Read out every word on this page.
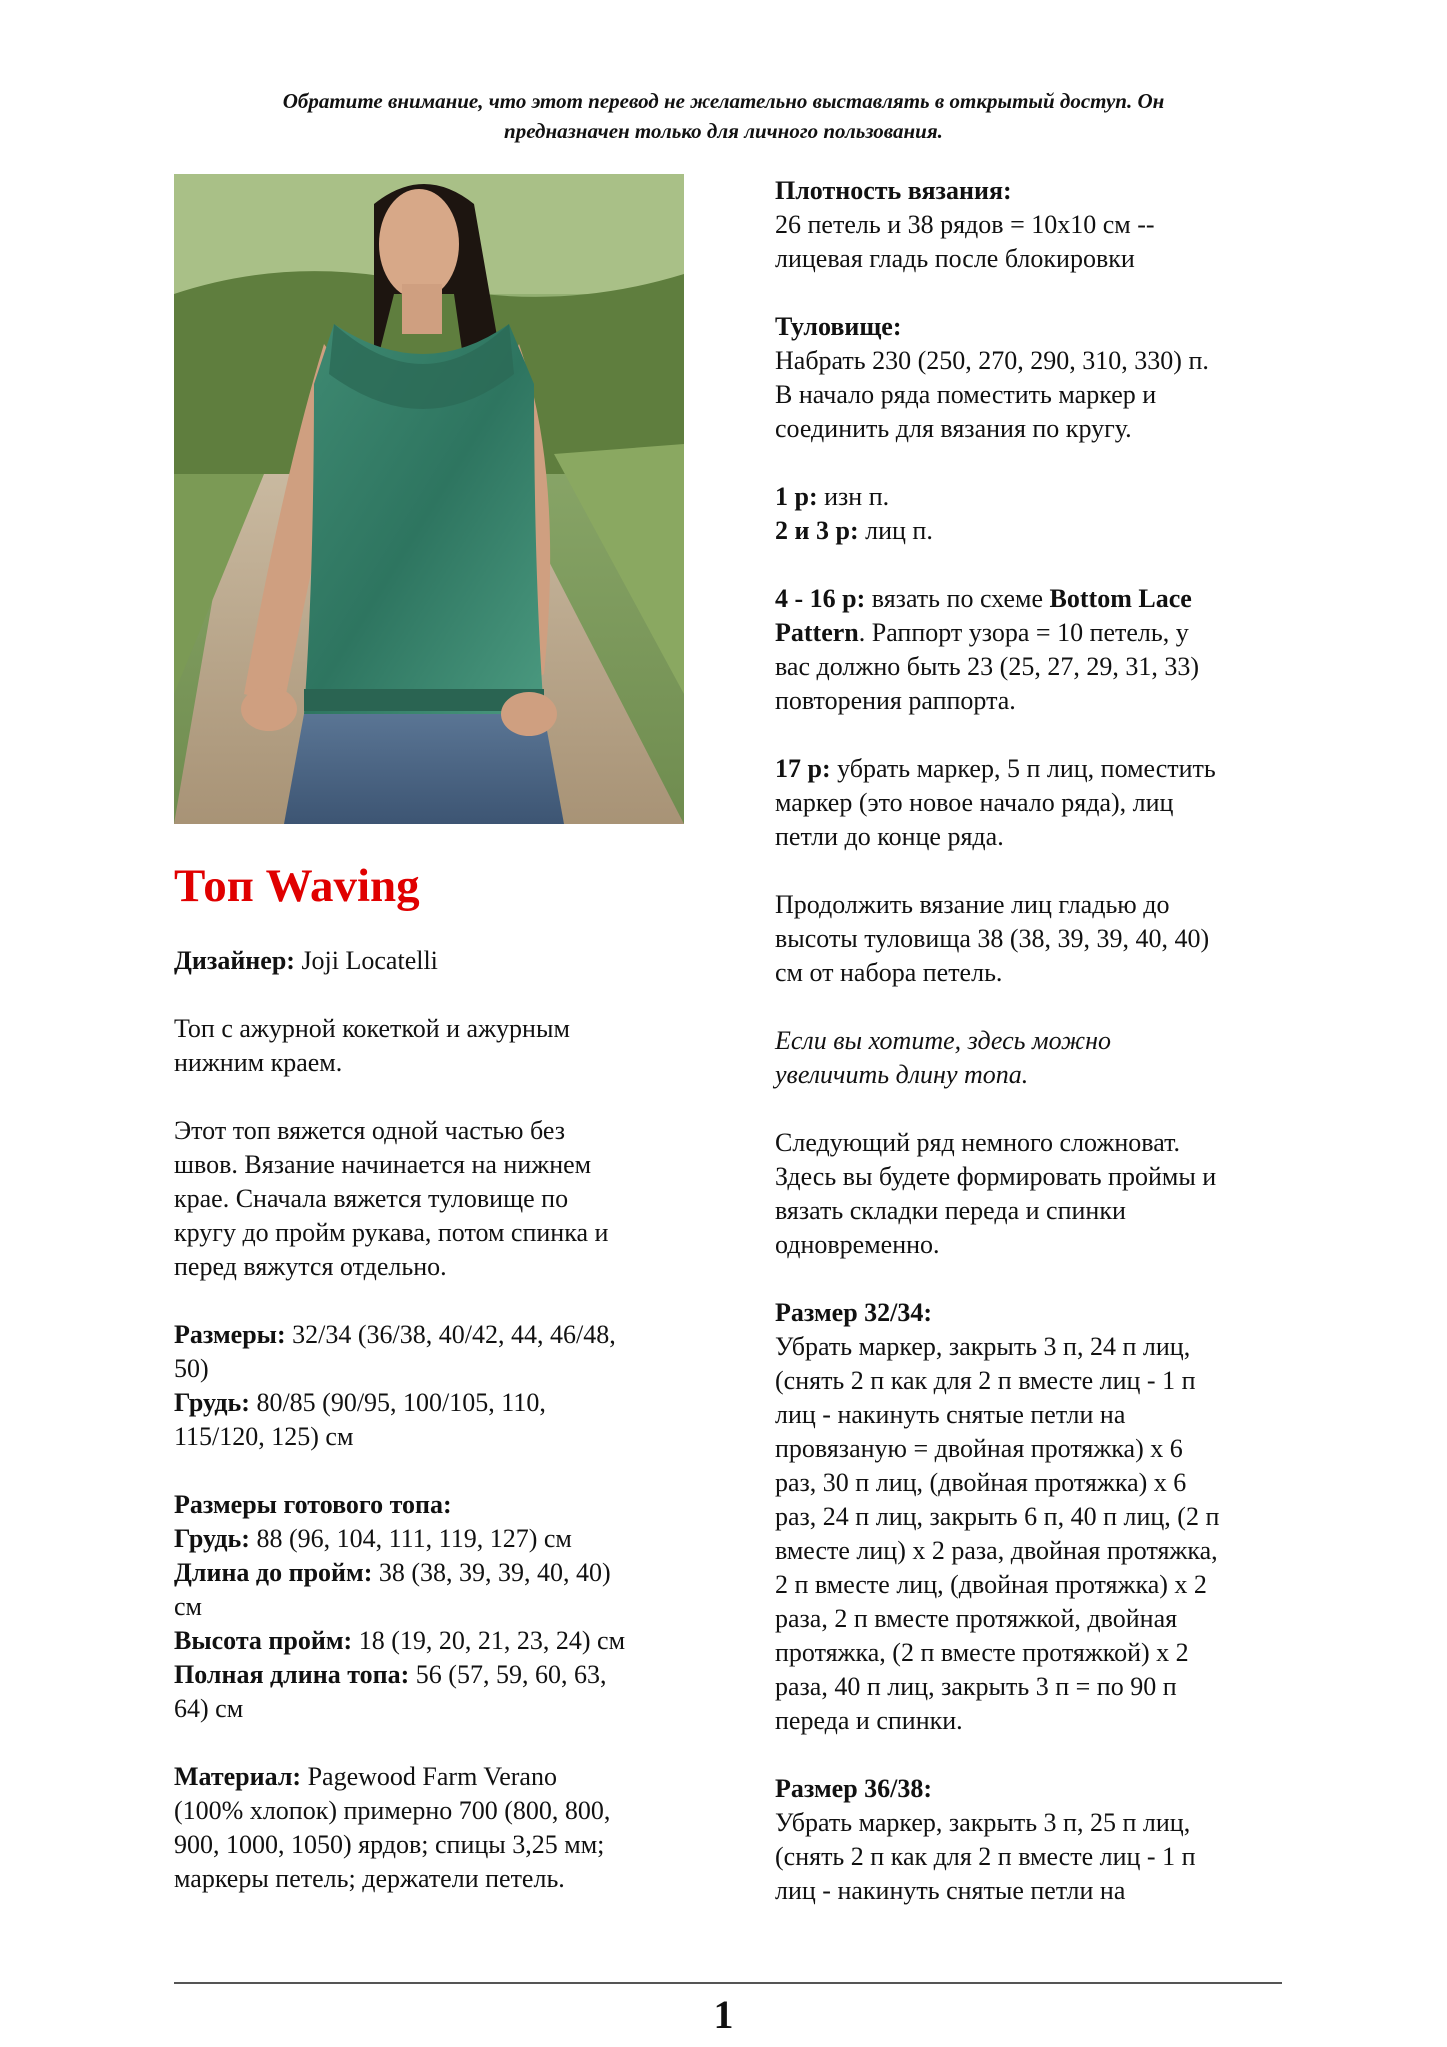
Обратите внимание, что этот перевод не желательно выставлять в открытый доступ. Он
предназначен только для личного пользования.
Топ Waving

Дизайнер: Joji Locatelli

Топ с ажурной кокеткой и ажурным
нижним краем.

Этот топ вяжется одной частью без
швов. Вязание начинается на нижнем
крае. Сначала вяжется туловище по
кругу до пройм рукава, потом спинка и
перед вяжутся отдельно.

Размеры: 32/34 (36/38, 40/42, 44, 46/48,
50)
Грудь: 80/85 (90/95, 100/105, 110,
115/120, 125) см

Размеры готового топа:
Грудь: 88 (96, 104, 111, 119, 127) см
Длина до пройм: 38 (38, 39, 39, 40, 40)
см
Высота пройм: 18 (19, 20, 21, 23, 24) см
Полная длина топа: 56 (57, 59, 60, 63,
64) см

Материал: Pagewood Farm Verano
(100% хлопок) примерно 700 (800, 800,
900, 1000, 1050) ярдов; спицы 3,25 мм;
маркеры петель; держатели петель.

Плотность вязания:
26 петель и 38 рядов = 10x10 см --
лицевая гладь после блокировки

Туловище:
Набрать 230 (250, 270, 290, 310, 330) п.
В начало ряда поместить маркер и
соединить для вязания по кругу.

1 р: изн п.
2 и 3 р: лиц п.

4 - 16 р: вязать по схеме Bottom Lace
Pattern. Раппорт узора = 10 петель, у
вас должно быть 23 (25, 27, 29, 31, 33)
повторения раппорта.

17 р: убрать маркер, 5 п лиц, поместить
маркер (это новое начало ряда), лиц
петли до конце ряда.

Продолжить вязание лиц гладью до
высоты туловища 38 (38, 39, 39, 40, 40)
см от набора петель.

Если вы хотите, здесь можно
увеличить длину топа.

Следующий ряд немного сложноват.
Здесь вы будете формировать проймы и
вязать складки переда и спинки
одновременно.

Размер 32/34:
Убрать маркер, закрыть 3 п, 24 п лиц,
(снять 2 п как для 2 п вместе лиц - 1 п
лиц - накинуть снятые петли на
провязаную = двойная протяжка) х 6
раз, 30 п лиц, (двойная протяжка) х 6
раз, 24 п лиц, закрыть 6 п, 40 п лиц, (2 п
вместе лиц) х 2 раза, двойная протяжка,
2 п вместе лиц, (двойная протяжка) х 2
раза, 2 п вместе протяжкой, двойная
протяжка, (2 п вместе протяжкой) х 2
раза, 40 п лиц, закрыть 3 п = по 90 п
переда и спинки.

Размер 36/38:
Убрать маркер, закрыть 3 п, 25 п лиц,
(снять 2 п как для 2 п вместе лиц - 1 п
лиц - накинуть снятые петли на

1
